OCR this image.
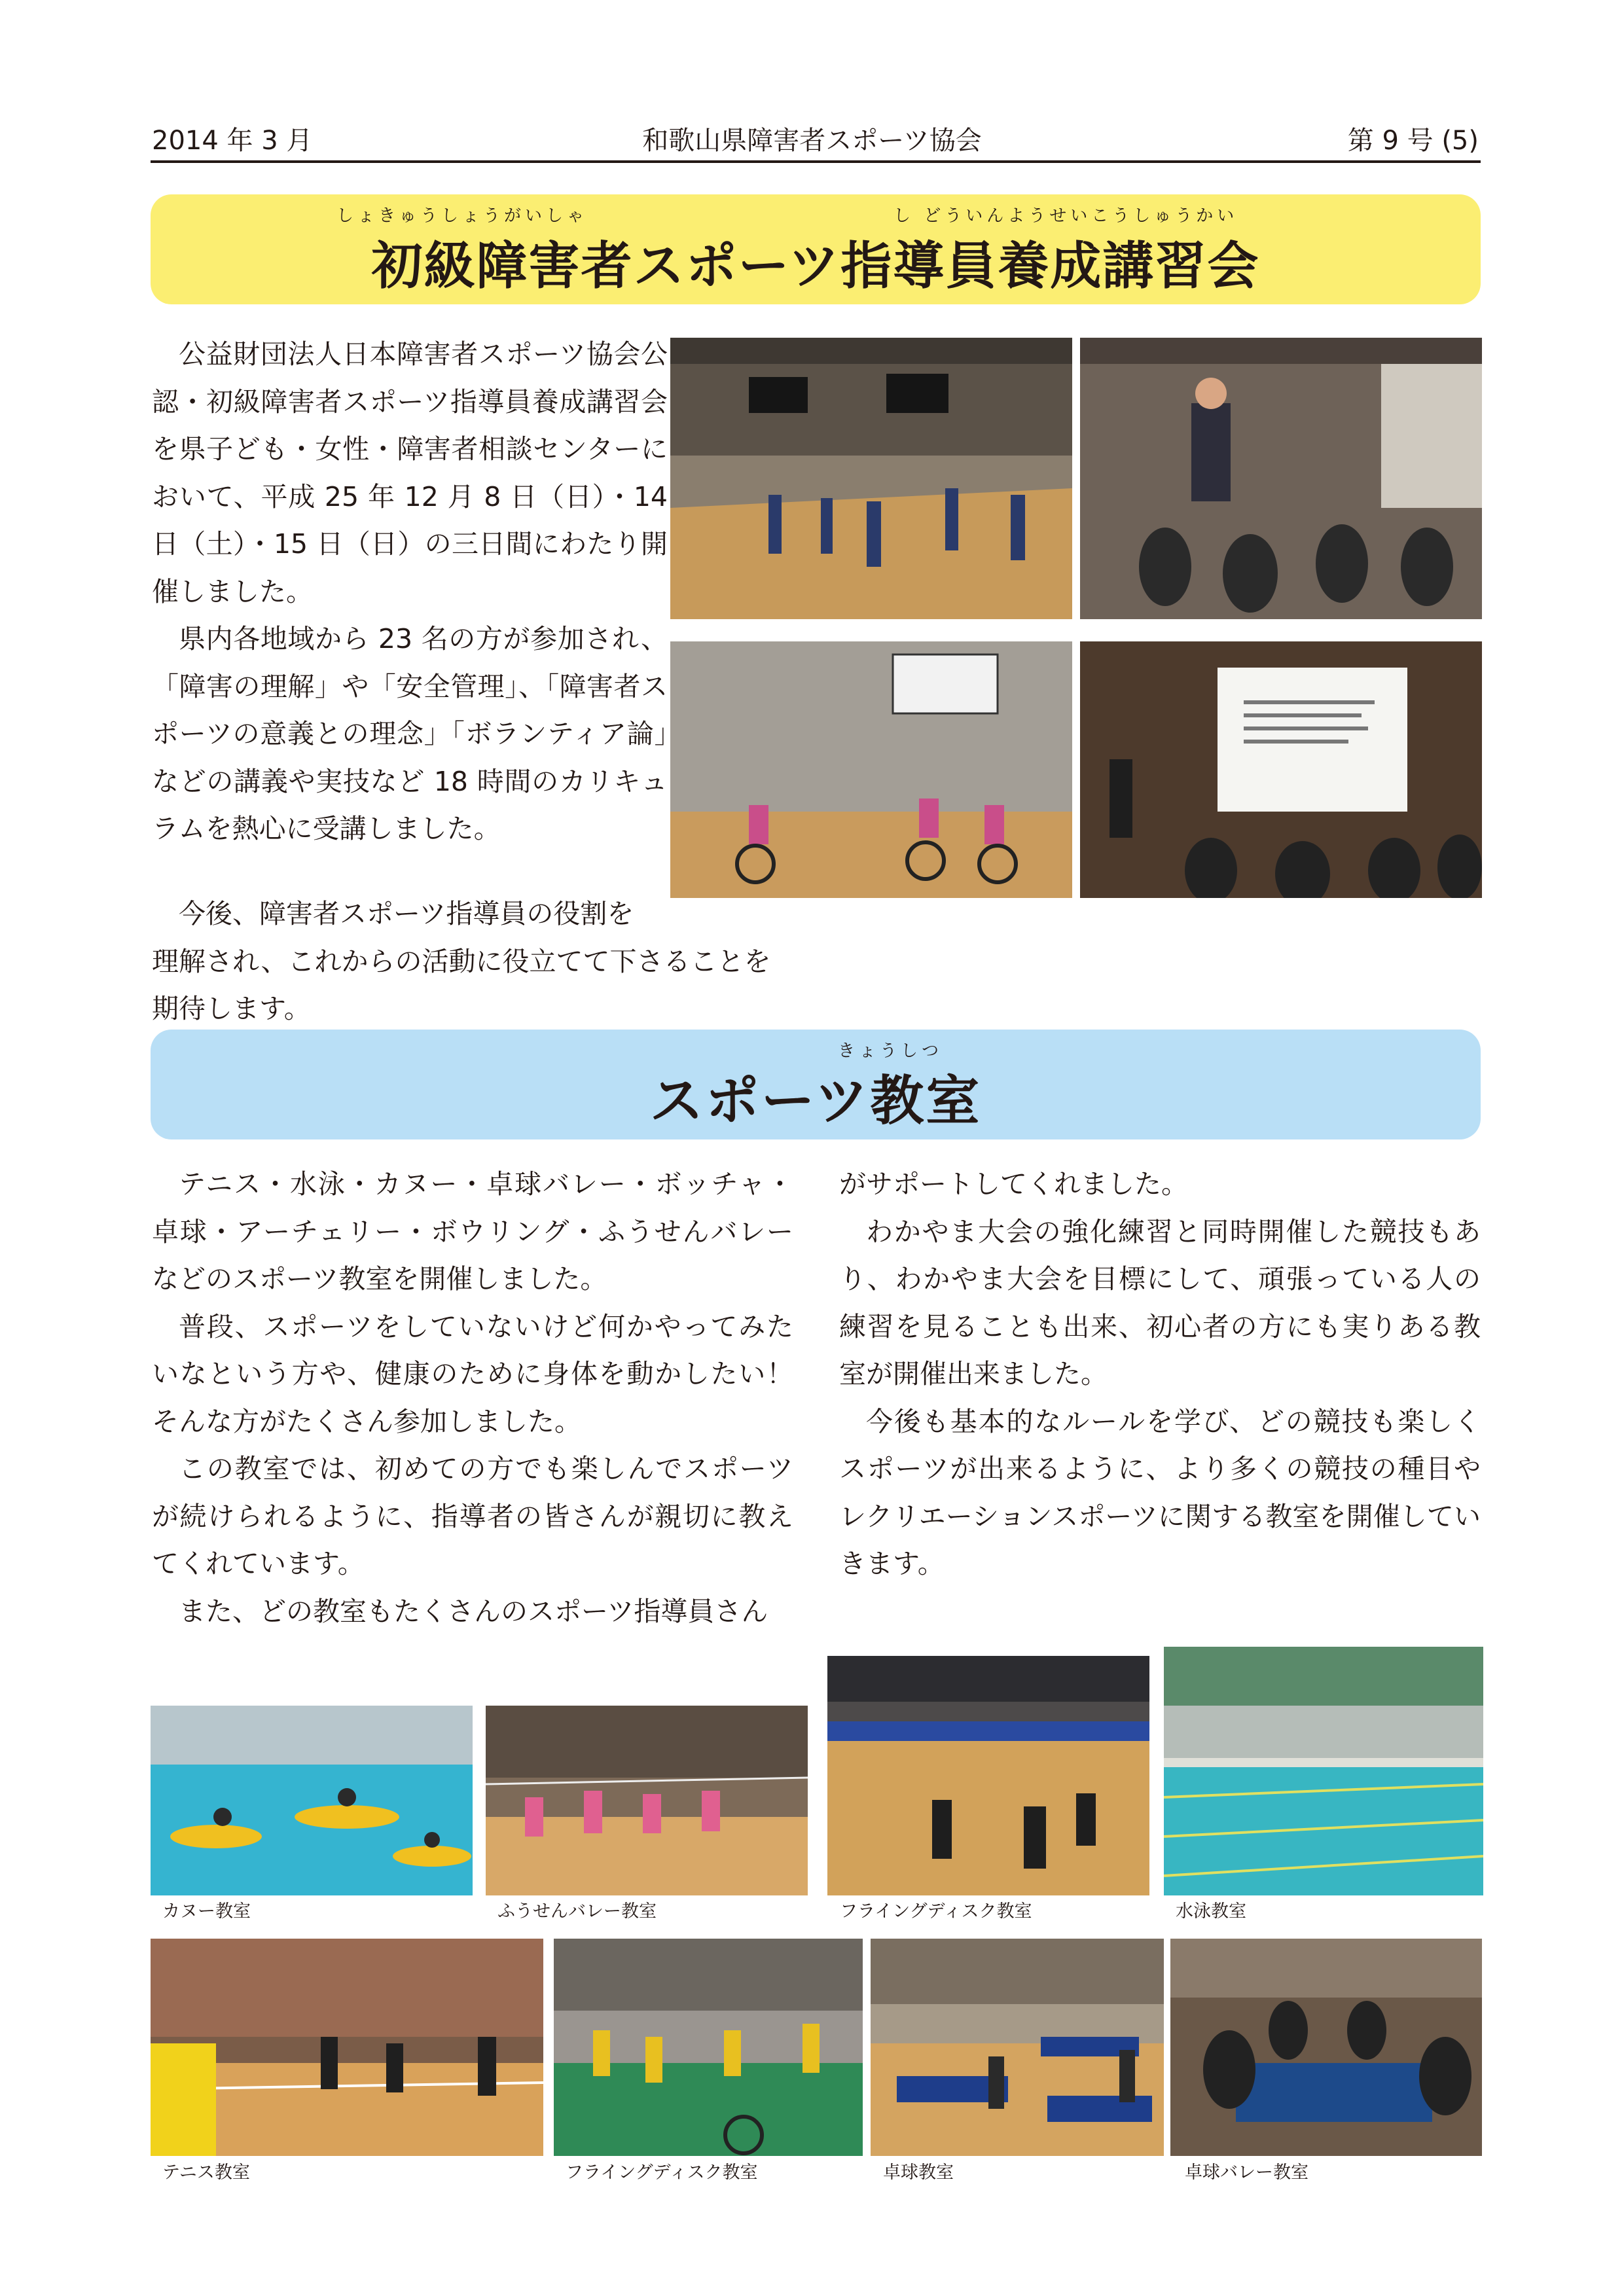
2014 年 3 月	和歌山県障害者スポーツ協会	第 9 号 (5)
しょきゅうしょうがいしゃ	し どういんようせいこうしゅうかい
初級障害者スポーツ指導員養成講習会

公益財団法人日本障害者スポーツ協会公認・初級障害者スポーツ指導員養成講習会を県子ども・女性・障害者相談センターにおいて、平成 25 年 12 月 8 日（日）・14 日（土）・15 日（日）の三日間にわたり開催しました。

県内各地域から 23 名の方が参加され、「障害の理解」や「安全管理」、「障害者スポーツの意義との理念」「ボランティア論」などの講義や実技など 18 時間のカリキュラムを熱心に受講しました。

　今後、障害者スポーツ指導員の役割を
理解され、これからの活動に役立てて下さることを
期待します。
きょうしつ
スポーツ教室

テニス・水泳・カヌー・卓球バレー・ボッチャ・卓球・アーチェリー・ボウリング・ふうせんバレーなどのスポーツ教室を開催しました。

普段、スポーツをしていないけど何かやってみたいなという方や、健康のために身体を動かしたい！そんな方がたくさん参加しました。

この教室では、初めての方でも楽しんでスポーツが続けられるように、指導者の皆さんが親切に教えてくれています。

また、どの教室もたくさんのスポーツ指導員さん

がサポートしてくれました。

わかやま大会の強化練習と同時開催した競技もあり、わかやま大会を目標にして、頑張っている人の練習を見ることも出来、初心者の方にも実りある教室が開催出来ました。

今後も基本的なルールを学び、どの競技も楽しくスポーツが出来るように、より多くの競技の種目やレクリエーションスポーツに関する教室を開催していきます。

カヌー教室	ふうせんバレー教室	フライングディスク教室	水泳教室
テニス教室	フライングディスク教室	卓球教室	卓球バレー教室
